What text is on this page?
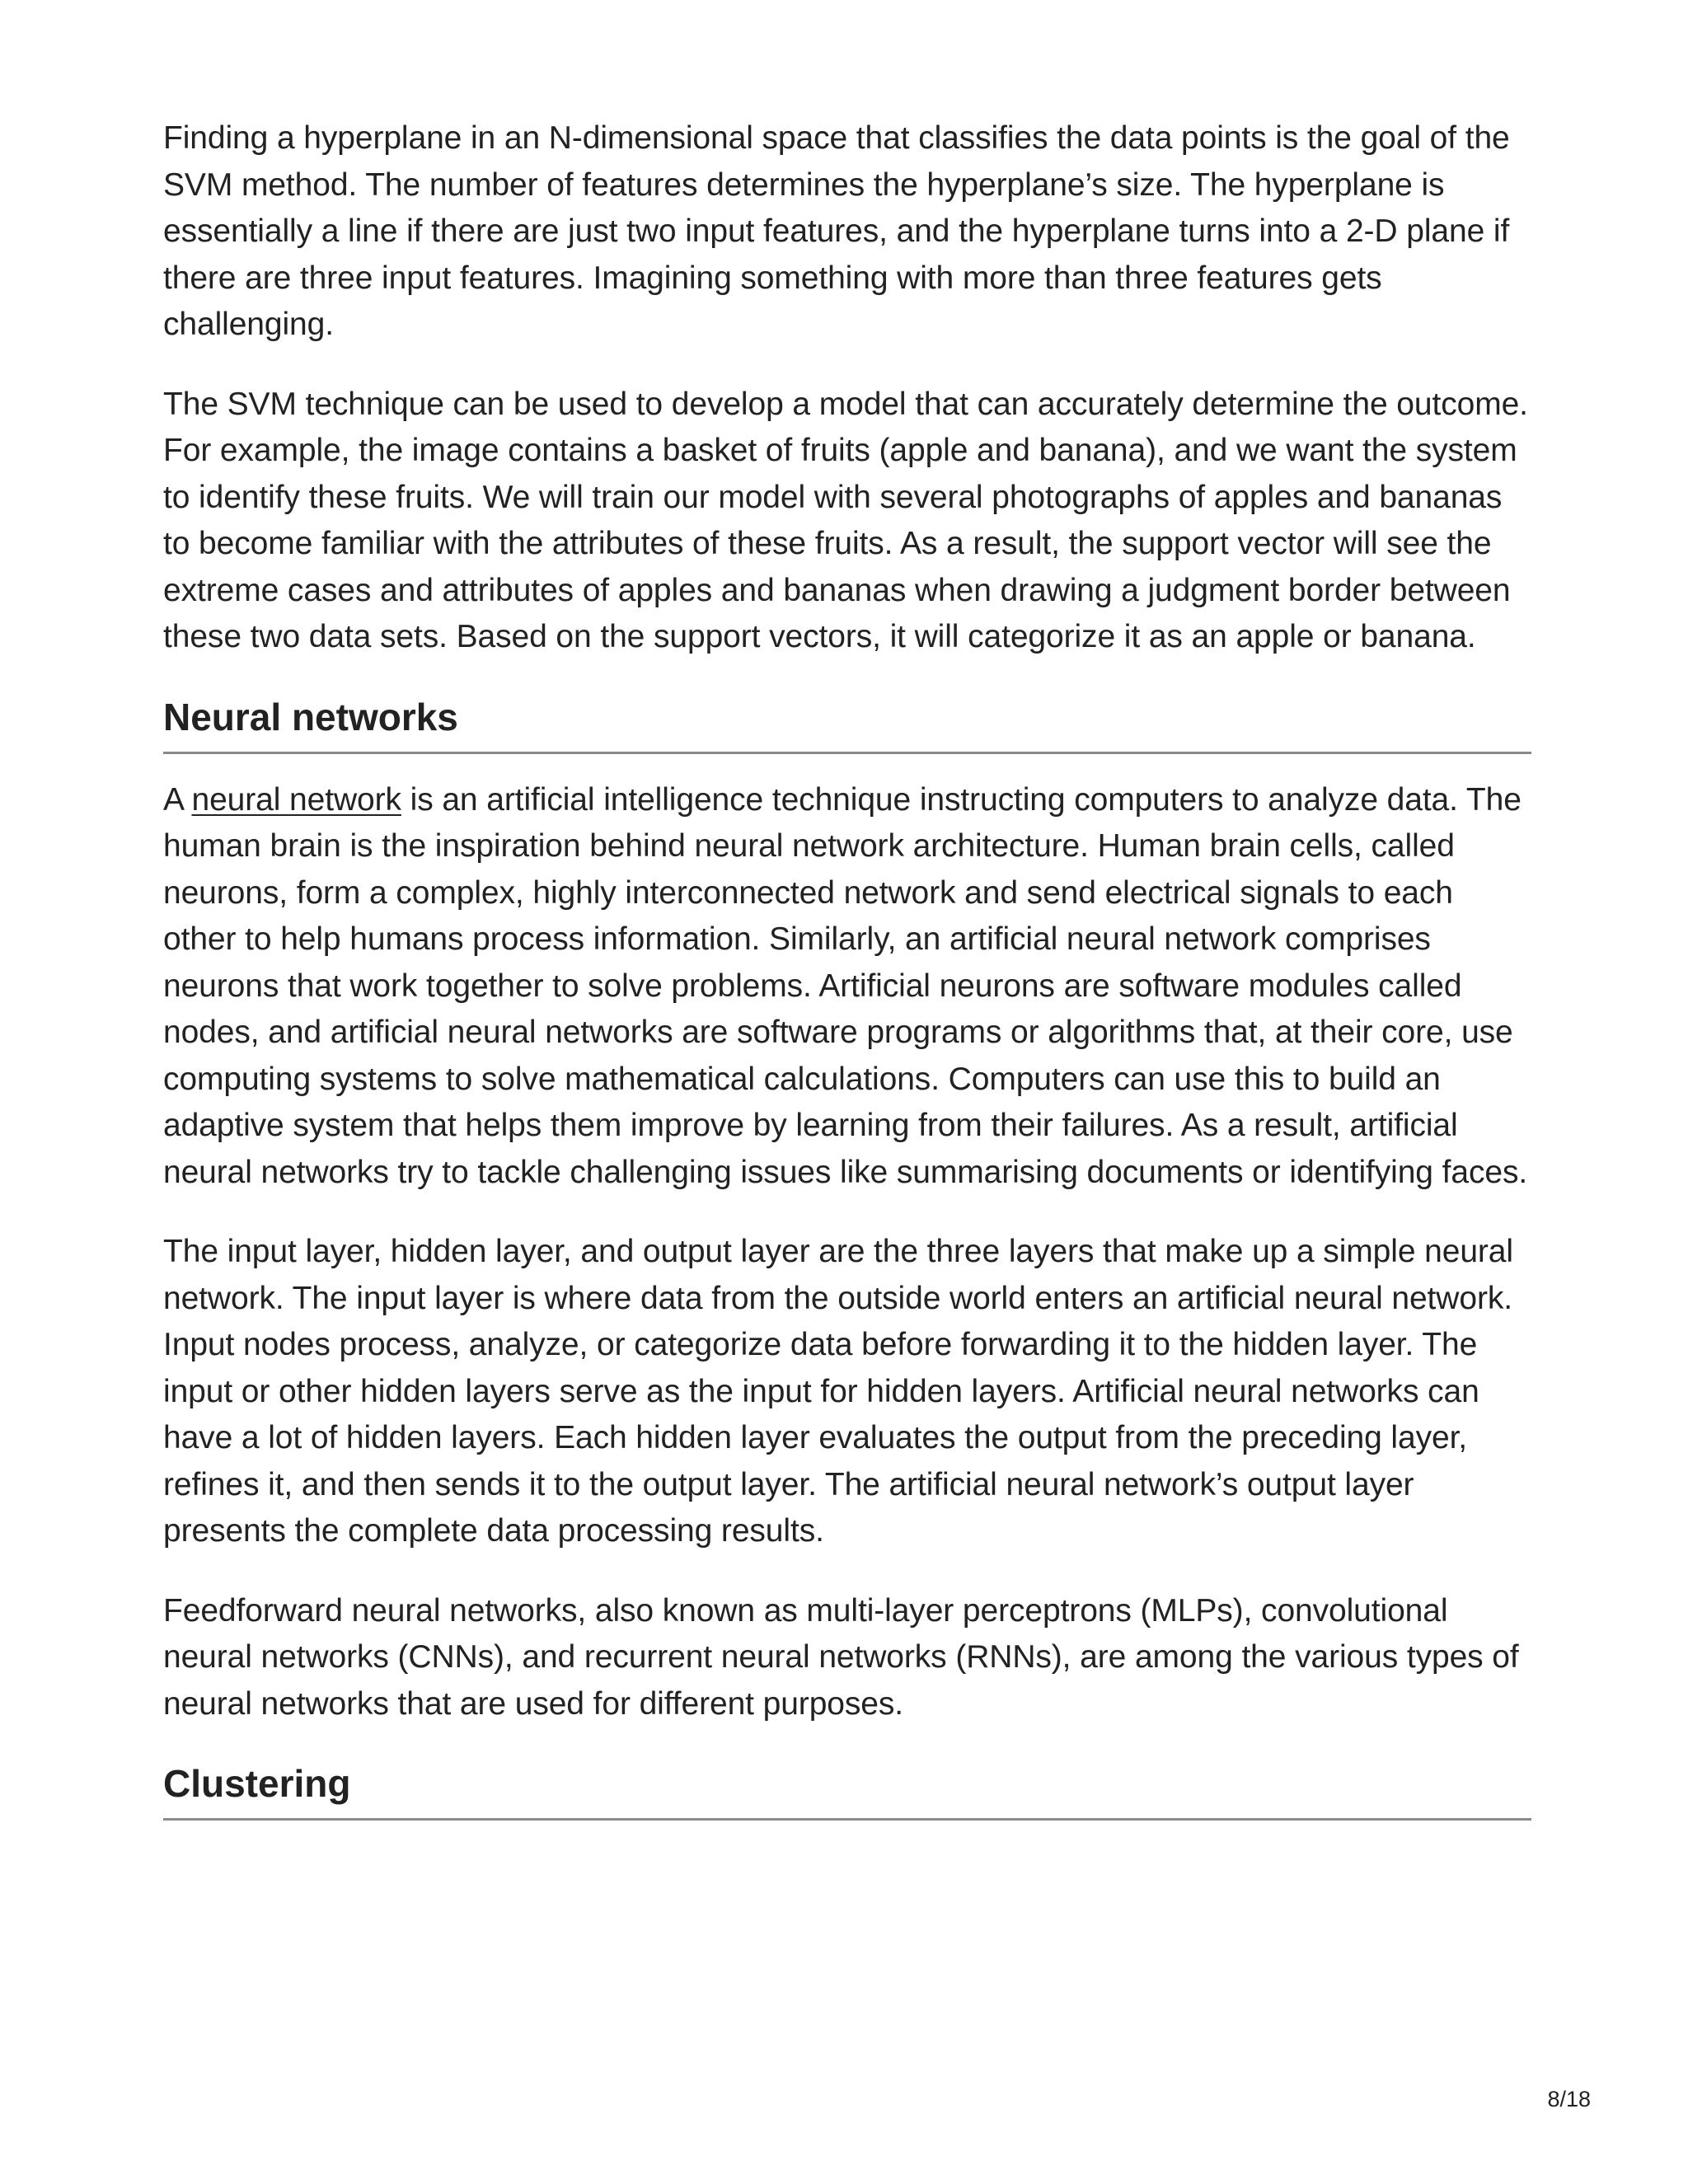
Finding a hyperplane in an N-dimensional space that classifies the data points is the goal of the SVM method. The number of features determines the hyperplane’s size. The hyperplane is essentially a line if there are just two input features, and the hyperplane turns into a 2-D plane if there are three input features. Imagining something with more than three features gets challenging.

The SVM technique can be used to develop a model that can accurately determine the outcome. For example, the image contains a basket of fruits (apple and banana), and we want the system to identify these fruits. We will train our model with several photographs of apples and bananas to become familiar with the attributes of these fruits. As a result, the support vector will see the extreme cases and attributes of apples and bananas when drawing a judgment border between these two data sets. Based on the support vectors, it will categorize it as an apple or banana.

Neural networks

A neural network is an artificial intelligence technique instructing computers to analyze data. The human brain is the inspiration behind neural network architecture. Human brain cells, called neurons, form a complex, highly interconnected network and send electrical signals to each other to help humans process information. Similarly, an artificial neural network comprises neurons that work together to solve problems. Artificial neurons are software modules called nodes, and artificial neural networks are software programs or algorithms that, at their core, use computing systems to solve mathematical calculations. Computers can use this to build an adaptive system that helps them improve by learning from their failures. As a result, artificial neural networks try to tackle challenging issues like summarising documents or identifying faces.

The input layer, hidden layer, and output layer are the three layers that make up a simple neural network. The input layer is where data from the outside world enters an artificial neural network. Input nodes process, analyze, or categorize data before forwarding it to the hidden layer. The input or other hidden layers serve as the input for hidden layers. Artificial neural networks can have a lot of hidden layers. Each hidden layer evaluates the output from the preceding layer, refines it, and then sends it to the output layer. The artificial neural network’s output layer presents the complete data processing results.

Feedforward neural networks, also known as multi-layer perceptrons (MLPs), convolutional neural networks (CNNs), and recurrent neural networks (RNNs), are among the various types of neural networks that are used for different purposes.

Clustering
8/18
